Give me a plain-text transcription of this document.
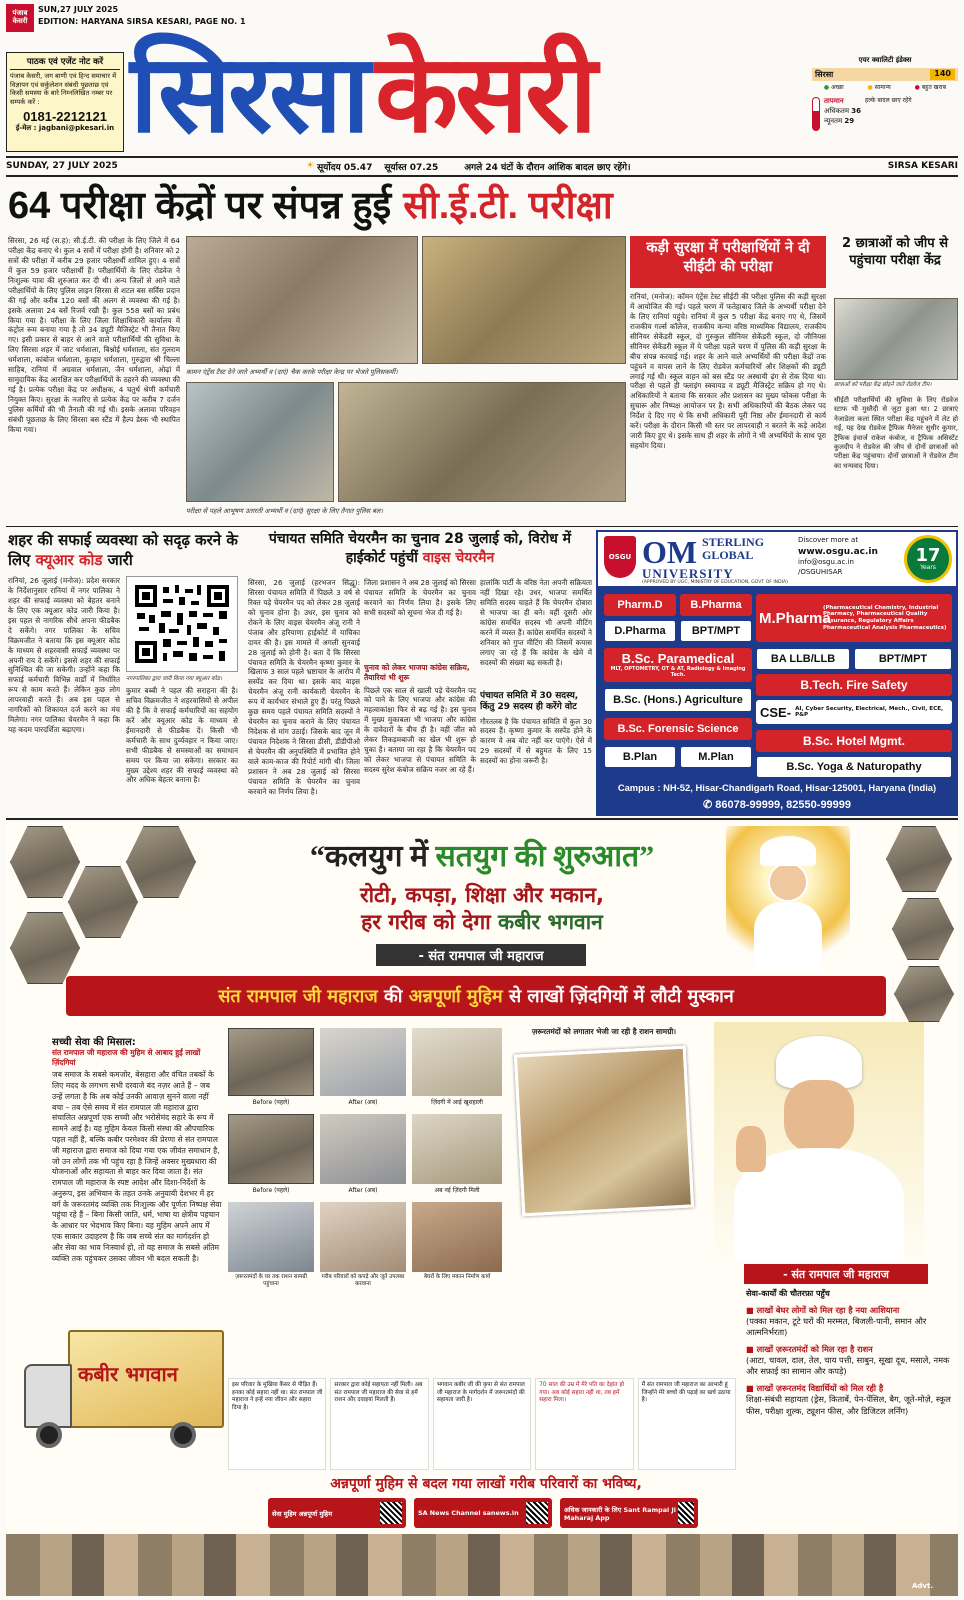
पंजाब केसरी
SUN,27 JULY 2025
EDITION: HARYANA SIRSA KESARI, PAGE NO. 1
पाठक एवं एजेंट नोट करें
पंजाब केसरी, जग बाणी एवं हिन्द समाचार में विज्ञापन एवं सर्कुलेशन संबंधी पूछताछ एवं किसी समस्या के बारे निम्नलिखित नम्बर पर सम्पर्क करें :
0181-2212121
ई-मेल : jagbani@pkesari.in सिरसा केसरी	एयर क्वालिटी इंडेक्स
सिरसा	140
● अच्छा	● सामान्य	● बहुत खराब
तापमान
अधिकतम 36
न्यूनतम 29
हल्के बादल छाए रहेंगे
SUNDAY, 27 JULY 2025	☀ सूर्योदय 05.47 सूर्यास्त 07.25	अगले 24 घंटों के दौरान आंशिक बादल छाए रहेंगे।	SIRSA KESARI
64 परीक्षा केंद्रों पर संपन्न हुई सी.ई.टी. परीक्षा
सिरसा, 26 मई (स.ह): सी.ई.टी. की परीक्षा के लिए जिले में 64 परीक्षा केंद्र बनाए थे। कुल 4 सत्रों में परीक्षा होगी है। शनिवार को 2 सत्रों की परीक्षा में करीब 29 हजार परीक्षार्थी शामिल हुए। 4 सत्रों में कुल 59 हजार परीक्षार्थी हैं। परीक्षार्थियों के लिए रोडवेज ने निःशुल्क यात्रा की शुरुआत कर दी थी। अन्य जिलों से आने वाले परीक्षार्थियों के लिए पुलिस लाइन सिरसा से शटल बस सर्विस प्रदान की गई और करीब 120 बसों की अलग से व्यवस्था की गई है। इसके अलावा 24 बसें रिजर्व रखी हैं। कुल 558 बसों का प्रबंध किया गया है। परीक्षा के लिए जिला शिक्षाधिकारी कार्यालय में कंट्रोल रूम बनाया गया है तो 34 ड्यूटी मैजिस्ट्रेट भी तैनात किए गए। इसी प्रकार से बाहर से आने वाले परीक्षार्थियों की सुविधा के लिए सिरसा शहर में जाट धर्मशाला, बिश्नोई धर्मशाला, संत गुलराम धर्मशाला, कांबोज धर्मशाला, कुम्हार धर्मशाला, गुरुद्वारा श्री चिल्ला साहिब, रानियां में अग्रवाल धर्मशाला, जैन धर्मशाला, ओढ़ां में सामुदायिक केंद्र आरक्षित कर परीक्षार्थियों के ठहरने की व्यवस्था की गई है। प्रत्येक परीक्षा केंद्र पर अधीक्षक, 4 चतुर्थ श्रेणी कर्मचारी नियुक्त किए। सुरक्षा के नजरिए से प्रत्येक केंद्र पर करीब 7 दर्जन पुलिस कर्मियों की भी तैनाती की गई थी। इसके अलावा परिवहन संबंधी पूछताछ के लिए सिरसा बस स्टैंड में हैल्प डेस्क भी स्थापित किया गया।
कामन एंट्रेंस टैस्ट देने जाते अभ्यर्थी व (दाएं) चैक करके परीक्षा केन्द्र पर भेजते पुलिसकर्मी।
परीक्षा से पहले आभूषण उतारती अभ्यर्थी व (दाएं) सुरक्षा के लिए तैनात पुलिस बल।
कड़ी सुरक्षा में परीक्षार्थियों ने दी सीईटी की परीक्षा
रानियां, (मनोज): कॉमन एंट्रेंस टेस्ट सीईटी की परीक्षा पुलिस की कड़ी सुरक्षा में आयोजित की गई। पहले चरण में फतेहाबाद जिले के अभ्यर्थी परीक्षा देने के लिए रानियां पहुंचे। रानियां में कुल 5 परीक्षा केंद्र बनाए गए थे, जिसमें राजकीय गर्ल्स कॉलेज, राजकीय कन्या वरिष्ठ माध्यमिक विद्यालय, राजकीय सीनियर सेकेंडरी स्कूल, दो गुरुकुल सीनियर सेकेंडरी स्कूल, दो जीनियस सीनियर सेकेंडरी स्कूल में ये परीक्षा पहले चरण में पुलिस की कड़ी सुरक्षा के बीच संपन्न करवाई गई। शहर के आने वाले अभ्यर्थियों की परीक्षा केंद्रों तक पहुंचने व वापस लाने के लिए रोडवेज कर्मचारियों और शिक्षकों की ड्यूटी लगाई गई थी। स्कूल वाहन को बस स्टैंड पर अस्थायी ढ़ंग से रोक दिया था। परीक्षा से पहले ही फ्लाइंग स्क्वायड व ड्यूटी मैजिस्ट्रेट सक्रिय हो गए थे। अधिकारियों ने बताया कि सरकार और प्रशासन का मुख्य फोकस परीक्षा के सुचारू और निष्पक्ष आयोजन पर है। सभी अधिकारियों की बैठक लेकर पद निर्देश दे दिए गए थे कि सभी अधिकारी पूरी निष्ठा और ईमानदारी से कार्य करें। परीक्षा के दौरान किसी भी स्तर पर लापरवाही न बरतने के कड़े आदेश जारी किए हुए थे। इसके साथ ही शहर के लोगों ने भी अभ्यर्थियों के साथ पूरा सहयोग दिया।
2 छात्राओं को जीप से पहुंचाया परीक्षा केंद्र
छात्राओं को परीक्षा केंद्र छोड़ने जाते रोडवेज टीम।
सीईटी परीक्षार्थियों की सुविधा के लिए रोडवेज स्टाफ भी मुस्तैदी से जुटा हुआ था। 2 छात्राएं नेजाडेला कलां स्थित परीक्षा केंद्र पहुंचने में लेट हो गईं, यह देख रोडवेज ट्रैफिक मैनेजर सुधीर कुमार, ट्रैफिक इंचार्ज राकेश कंबोज, व ट्रैफिक असिस्टेंट कुलदीप ने रोडवेज की जीप से दोनों छात्राओं को परीक्षा केंद्र पहुंचाया। दोनों छात्राओं ने रोडवेज टीम का धन्यवाद दिया।
शहर की सफाई व्यवस्था को सदृढ़ करने के लिए क्यूआर कोड जारी
रानियां, 26 जुलाई (मनोज): प्रदेश सरकार के निर्देशानुसार रानियां में नगर पालिका ने शहर की सफाई व्यवस्था को बेहतर बनाने के लिए एक क्यूआर कोड जारी किया है। इस पहल से नागरिक सीधे अपना फीडबैक दे सकेंगे। नगर पालिका के सचिव विक्रमजीत ने बताया कि इस क्यूआर कोड के माध्यम से शहरवासी सफाई व्यवस्था पर अपनी राय दे सकेंगे। इससे शहर की सफाई सुनिश्चित की जा सकेगी। उन्होंने कहा कि सफाई कर्मचारी विभिन्न वार्डों में निर्धारित रूप से काम करते हैं। लेकिन कुछ लोग लापरवाही करते हैं। अब इस पहल से नागरिकों को शिकायत दर्ज करने का मंच मिलेगा। नगर पालिका चेयरमैन ने कहा कि यह कदम पारदर्शिता बढ़ाएगा।
नगरपालिका द्वारा जारी किया गया क्यूआर कोड।
कुमार बब्बी ने पहल की सराहना की है। सचिव विक्रमजीत ने शहरवासियों से अपील की है कि वे सफाई कर्मचारियों का सहयोग करें और क्यूआर कोड के माध्यम से ईमानदारी से फीडबैक दें। किसी भी कर्मचारी के साथ दुर्व्यवहार न किया जाए। सभी फीडबैक से समस्याओं का समाधान समय पर किया जा सकेगा। सरकार का मुख्य उद्देश्य शहर की सफाई व्यवस्था को और अधिक बेहतर बनाना है।
पंचायत समिति चेयरमैन का चुनाव 28 जुलाई को, विरोध में हाईकोर्ट पहुंचीं वाइस चेयरमैन
सिरसा, 26 जुलाई (हरभजन सिद्धू): सिरसा पंचायत समिति में पिछले 3 वर्ष से रिक्त पड़े चेयरमैन पद को लेकर 28 जुलाई को चुनाव होना है। उधर, इस चुनाव को रोकने के लिए वाइस चेयरमैन अंजू रानी ने पंजाब और हरियाणा हाईकोर्ट में याचिका दायर की है। इस मामले में अगली सुनवाई 28 जुलाई को होनी है। बता दें कि सिरसा पंचायत समिति के चेयरमैन कृष्णा कुमार के खिलाफ 3 साल पहले भ्रष्टाचार के आरोप में सस्पेंड कर दिया था। इसके बाद वाइस चेयरमैन अंजू रानी कार्यकारी चेयरमैन के रूप में कार्यभार संभाले हुए हैं। परंतु पिछले कुछ समय पहले पंचायत समिति सदस्यों ने चेयरमैन का चुनाव कराने के लिए पंचायत निदेशक से मांग उठाई। जिसके बाद जून में पंचायत निदेशक ने सिरसा डीसी, डीडीपीओ से चेयरमैन की अनुपस्थिति में प्रभावित होने वाले काम-काज की रिपोर्ट मांगी थी। जिला प्रशासन ने अब 28 जुलाई को सिरसा पंचायत समिति के चेयरमैन का चुनाव करवाने का निर्णय लिया है।
जिला प्रशासन ने अब 28 जुलाई को सिरसा पंचायत समिति के चेयरमैन का चुनाव करवाने का निर्णय लिया है। इसके लिए सभी सदस्यों को सूचना भेज दी गई है।
चुनाव को लेकर भाजपा कांग्रेस सक्रिय, तैयारियां भी शुरू
पिछले एक साल से खाली पड़े चेयरमैन पद को पाने के लिए भाजपा और कांग्रेस की महत्वाकांक्षा फिर से बढ़ गई है। इस चुनाव में मुख्य मुकाबला भी भाजपा और कांग्रेस के दावेदारों के बीच ही है। वहीं जीत को लेकर तिकड़मबाजी का खेल भी शुरू हो चुका है। बताया जा रहा है कि चेयरमैन पद को लेकर भाजपा से पंचायत समिति के सदस्य सुरेश कंबोज सक्रिय नजर आ रहे हैं।
हालांकि पार्टी के वरिष्ठ नेता अपनी सक्रियता नहीं दिखा रहे। उधर, भाजपा समर्थित समिति सदस्य चाहते हैं कि चेयरमैन दोबारा से भाजपा का ही बने। वहीं दूसरी ओर कांग्रेस समर्थित सदस्य भी अपनी मीटिंग करने में व्यस्त हैं। कांग्रेस समर्थित सदस्यों ने शनिवार को गुप्त मीटिंग की जिसमें कयास लगाए जा रहे हैं कि कांग्रेस के खेमे में सदस्यों की संख्या बढ़ सकती है।
पंचायत समिति में 30 सदस्य, किंतु 29 सदस्य ही करेंगे वोट
गौरतलब है कि पंचायत समिति में कुल 30 सदस्य हैं। कृष्णा कुमार के सस्पेंड होने के कारण वे अब वोट नहीं कर पाएंगे। ऐसे में 29 सदस्यों में से बहुमत के लिए 15 सदस्यों का होना जरूरी है।
OSGU OM STERLING
GLOBAL
UNIVERSITY
(APPROVED BY UGC, MINISTRY OF EDUCATION, GOVT OF INDIA)
Discover more at
www.osgu.ac.in
info@osgu.ac.in
/OSGUHISAR
17
Years
Pharm.D	B.Pharma
D.Pharma	BPT/MPT
M.Pharma
(Pharmaceutical Chemistry, Industrial Pharmacy, Pharmaceutical Quality Assurance, Regulatory Affairs Pharmaceutical Analysis Pharmaceutics)
B.Sc. Paramedical
MLT, OPTOMETRY, OT & AT, Radiology & Imaging Tech.
BA LLB/LLB	BPT/MPT
B.Tech. Fire Safety
B.Sc. (Hons.) Agriculture
CSE- AI, Cyber Security, Electrical, Mech., Civil, ECE, P&P
B.Sc. Forensic Science
B.Sc. Hotel Mgmt.
B.Plan	M.Plan
B.Sc. Yoga & Naturopathy
Campus : NH-52, Hisar-Chandigarh Road, Hisar-125001, Haryana (India)
✆ 86078-99999, 82550-99999
“कलयुग में सतयुग की शुरुआत”
रोटी, कपड़ा, शिक्षा और मकान,
हर गरीब को देगा कबीर भगवान
- संत रामपाल जी महाराज
संत रामपाल जी महाराज
की
अन्नपूर्णा मुहिम
से लाखों ज़िंदगियों में लौटी मुस्कान
सच्ची सेवा की मिसाल:
संत रामपाल जी महाराज की मुहिम से आबाद हुईं लाखों ज़िंदगियां
जब समाज के सबसे कमजोर, बेसहारा और वंचित तबकों के लिए मदद के लगभग सभी दरवाजे बंद नज़र आते हैं – जब उन्हें लगता है कि अब कोई उनकी आवाज़ सुनने वाला नहीं बचा – तब ऐसे समय में संत रामपाल जी महाराज द्वारा संचालित अन्नपूर्णा एक सच्ची और भरोसेमंद सहारे के रूप में सामने आई है। यह मुहिम केवल किसी संस्था की औपचारिक पहल नहीं है, बल्कि कबीर परमेश्वर की प्रेरणा से संत रामपाल जी महाराज द्वारा समाज को दिया गया एक जीवंत समाधान है, जो उन लोगों तक भी पहुंच रहा है जिन्हें अक्सर मुख्यधारा की योजनाओं और सहायता से बाहर कर दिया जाता है। संत रामपाल जी महाराज के स्पष्ट आदेश और दिशा-निर्देशों के अनुरूप, इस अभियान के तहत उनके अनुयायी देशभर में हर वर्ग के जरूरतमंद व्यक्ति तक निःशुल्क और पूर्णतः निष्पक्ष सेवा पहुंचा रहे हैं – बिना किसी जाति, धर्म, भाषा या क्षेत्रीय पहचान के आधार पर भेदभाव किए बिना। यह मुहिम अपने आप में एक साकार उदाहरण है कि जब सच्चे संत का मार्गदर्शन हो और सेवा का भाव निःस्वार्थ हो, तो वह समाज के सबसे अंतिम व्यक्ति तक पहुंचकर उसका जीवन भी बदल सकती है।
Before (पहले)	After (अब)	ज़िंदगी में आई खुशहाली
Before (पहले)	After (अब)	अब नई ज़िंदगी मिली
ज़रूरतमंदों के घर तक राशन सामग्री पहुंचाना
गरीब परिवारों को कपड़े और जूते उपलब्ध करवाना
बेघरों के लिए मकान निर्माण कार्य
ज़रूरतमंदों को लगातार भेजी जा रही है राशन सामग्री।
- संत रामपाल जी महाराज
सेवा-कार्यों की चौतरफ़ा पहुँच
■ लाखों बेघर लोगों को मिल रहा है नया आशियाना
(पक्का मकान, टूटे घरों की मरम्मत, बिजली-पानी, समान और आत्मनिर्भरता)
■ लाखों ज़रूरतमंदों को मिल रहा है राशन
(आटा, चावल, दाल, तेल, चाय पत्ती, साबुन, सूखा दूध, मसाले, नमक और सफ़ाई का सामान और कपड़े)
■ लाखों ज़रूरतमंद विद्यार्थियों को मिल रही है
शिक्षा-संबंधी सहायता (ड्रेस, किताबें, पेन-पेंसिल, बैग, जूते-मोज़े, स्कूल फीस, परीक्षा शुल्क, ट्यूशन फीस, और डिजिटल लर्निंग)
इस परिवार के मुखिया कैंसर से पीड़ित हैं। इनका कोई सहारा नहीं था। संत रामपाल जी महाराज ने इन्हें नया जीवन और सहारा दिया है।
सरकार द्वारा कोई सहायता नहीं मिली। अब संत रामपाल जी महाराज की सेवा से हमें राशन और दवाइयां मिलती हैं।
भगवान कबीर जी की कृपा से संत रामपाल जी महाराज के मार्गदर्शन में जरूरतमंदों की सहायता जारी है।
70 साल की उम्र में मेरे पति का देहांत हो गया। अब कोई सहारा नहीं था, तब हमें सहारा मिला।
मैं संत रामपाल जी महाराज का आभारी हूं जिन्होंने मेरे बच्चों की पढ़ाई का खर्च उठाया है।
कबीर भगवान
अन्नपूर्णा मुहिम से बदल गया लाखों गरीब परिवारों का भविष्य,
सेवा मुहिम अन्नपूर्णा मुहिम	SA News Channel sanews.in	अधिक जानकारी के लिए Sant Rampal Ji Maharaj App
Advt.
